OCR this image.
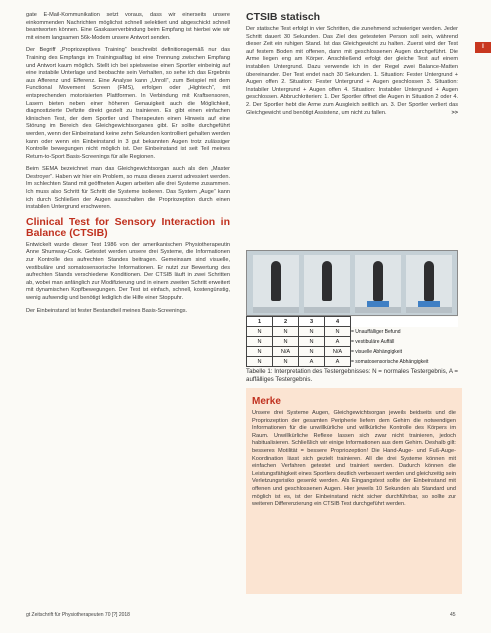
gate E-Mail-Kommunikation setzt voraus, dass wir einerseits unsere einkommenden Nachrichten möglichst schnell selektiert und abgeschickt schnell beantworten können. Eine Gaskaserverbindung beim Empfang ist hierbei wie wir mit einem langsamen 56k-Modem unsere Antwort senden.

Der Begriff „Propriozeptives Training“ beschreibt definitionsgemäß nur das Training des Empfangs im Trainingsalltag ist eine Trennung zwischen Empfang und Antwort kaum möglich. Stellt ich bei spielsweise einen Sportler einbeinig auf eine instabile Unterlage und beobachte sein Verhalten, so sehe ich das Ergebnis aus Afferenz und Efferenz. Eine Analyse kann „Unroll“, zum Beispiel mit dem Functional Movement Screen (FMS), erfolgen oder „Hightech“, mit entsprechenden motorisierten Plattformen. In Verbindung mit Kraftsensoren, Lasern bieten neben einer höheren Genauigkeit auch die Möglichkeit, diagnostizierte Defizite direkt gezielt zu trainieren. Es gibt einen einfachen klinischen Test, der dem Sportler und Therapeuten einen Hinweis auf eine Störung im Bereich des Gleichgewichtsorganes gibt. Er sollte durchgeführt werden, wenn der Einbeinstand keine zehn Sekunden kontrolliert gehalten werden kann oder wenn ein Einbeinstand in 3 gut bekannten Augen trotz zulässiger Kontrolle bewegungen nicht möglich ist. Der Einbeinstand ist seit Teil meines Return-to-Sport Basis-Screenings für alle Regionen.

Beim SEMA bezeichnet man das Gleichgewichtsorgan auch als den „Master Destroyer“. Haben wir hier ein Problem, so muss dieses zuerst adressiert werden. Im schlechten Stand mit geöffneten Augen arbeiten alle drei Systeme zusammen. Ich muss also Schritt für Schritt die Systeme isolieren. Das System „Auge“ kann ich durch Schließen der Augen ausschalten die Propriozeption durch einen instabilen Untergrund erschweren.

Clinical Test for Sensory Interaction in Balance (CTSIB)

Entwickelt wurde dieser Test 1986 von der amerikanischen Physiotherapeutin Anne Shumway-Cook. Getestet werden unsere drei Systeme, die Informationen zur Kontrolle des aufrechten Standes beitragen. Gemeinsam sind visuelle, vestibuläre und somatosensorische Informationen. Er nutzt zur Bewertung des aufrechten Stands verschiedene Konditionen. Der CTSIB läuft in zwei Schritten ab, wobei man anfänglich zur Modifizierung und in einem zweiten Schritt erweitert mit dynamischen Kopfbewegungen. Der Test ist einfach, schnell, kostengünstig, wenig aufwendig und benötigt lediglich die Hilfe einer Stoppuhr.

Der Einbeinstand ist fester Bestandteil meines Basis-Screenings.

CTSIB statisch

Der statische Test erfolgt in vier Schritten, die zunehmend schwieriger werden. Jeder Schritt dauert 30 Sekunden. Das Ziel des getesteten Person soll sein, während dieser Zeit ein ruhigen Stand. Ist das Gleichgewicht zu halten. Zuerst wird der Test auf festem Boden mit offenen, dann mit geschlossenen Augen durchgeführt. Die Arme liegen eng am Körper. Anschließend erfolgt der gleiche Test auf einem instabilen Untergrund. Dazu verwende ich in der Regel zwei Balance-Matten übereinander. Der Test endet nach 30 Sekunden. 1. Situation: Fester Untergrund + Augen offen 2. Situation: Fester Untergrund + Augen geschlossen 3. Situation: Instabiler Untergrund + Augen offen 4. Situation: Instabiler Untergrund + Augen geschlossen. Abbruchkriterien: 1. Der Sportler öffnet die Augen in Situation 2 oder 4. 2. Der Sportler hebt die Arme zum Ausgleich seitlich an. 3. Der Sportler verliert das Gleichgewicht und benötigt Assistenz, um nicht zu fallen.	>>

I
1	2	3	4	
N	N	N	N	= Unauffälliger Befund
N	N	N	A	= vestibuläre Auffäll
N	N/A	N	N/A	= visuelle Abhängigkeit
N	N	A	A	= somatosensorische Abhängigkeit
Tabelle 1: Interpretation des Testergebnisses: N = normales Testergebnis, A = auffälliges Testergebnis.
Merke
Unsere drei Systeme Augen, Gleichgewichtsorgan jeweils beidseits und die Propriozeption der gesamten Peripherie liefern dem Gehirn die notwendigen Informationen für die unwillkürliche und willkürliche Kontrolle des Körpers im Raum. Unwillkürliche Reflexe lassen sich zwar nicht trainieren, jedoch habitualisieren. Schließlich wir einige Informationen aus dem Gehirn. Deshalb gilt: besseres Motilität = bessere Propriozeption! Die Hand-Auge- und Fuß-Auge-Koordination lässt sich gezielt trainieren. All die drei Systeme können mit einfachen Verfahren getestet und trainiert werden. Dadurch können die Leistungsfähigkeit eines Sportlers deutlich verbessert werden und gleichzeitig sein Verletzungsrisiko gesenkt werden. Als Eingangstest sollte der Einbeinstand mit offenen und geschlossenen Augen. Hier jeweils 10 Sekunden als Standard und möglich ist es, ist der Einbeinstand nicht sicher durchführbar, so sollte zur weiteren Differenzierung ein CTSIB Test durchgeführt werden.
gt Zeitschrift für Physiotherapeuten 70 [?] 2018	45
